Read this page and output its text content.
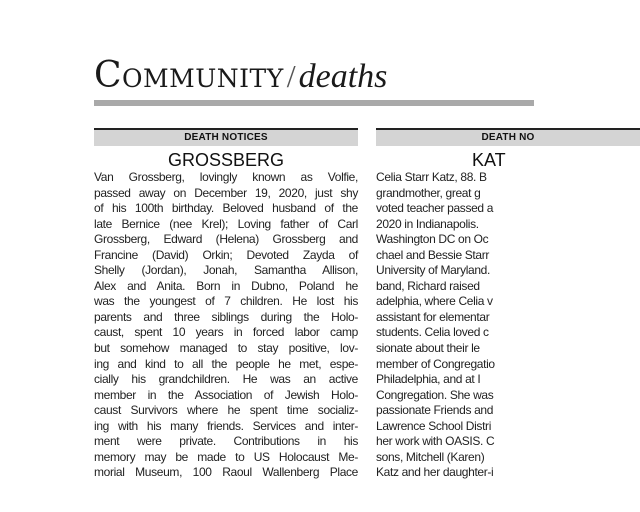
Community/deaths
DEATH NOTICES
GROSSBERG
Van Grossberg, lovingly known as Volfie,
passed away on December 19, 2020, just shy
of his 100th birthday. Beloved husband of the
late Bernice (nee Krel); Loving father of Carl
Grossberg, Edward (Helena) Grossberg and
Francine (David) Orkin; Devoted Zayda of
Shelly (Jordan), Jonah, Samantha Allison,
Alex and Anita. Born in Dubno, Poland he
was the youngest of 7 children. He lost his
parents and three siblings during the Holo-
caust, spent 10 years in forced labor camp
but somehow managed to stay positive, lov-
ing and kind to all the people he met, espe-
cially his grandchildren. He was an active
member in the Association of Jewish Holo-
caust Survivors where he spent time socializ-
ing with his many friends. Services and inter-
ment were private. Contributions in his
memory may be made to US Holocaust Me-
morial Museum, 100 Raoul Wallenberg Place
DEATH NO
KAT
Celia Starr Katz, 88. B
grandmother, great g
voted teacher passed a
2020 in Indianapolis.
Washington DC on Oc
chael and Bessie Starr
University of Maryland.
band, Richard raised
adelphia, where Celia v
assistant for elementar
students. Celia loved c
sionate about their le
member of Congregatio
Philadelphia, and at I
Congregation. She was
passionate Friends and
Lawrence School Distri
her work with OASIS. C
sons, Mitchell (Karen)
Katz and her daughter-i
